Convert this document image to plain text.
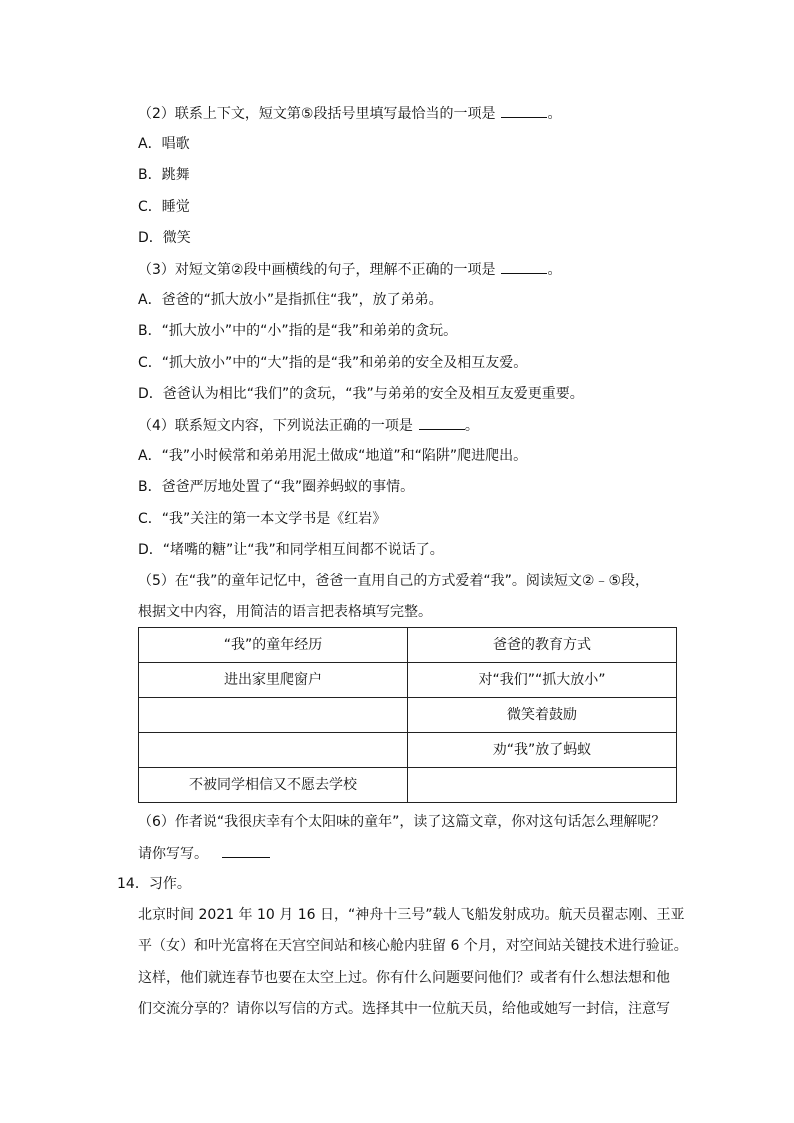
（2）联系上下文，短文第⑤段括号里填写最恰当的一项是	。
A．唱歌
B．跳舞
C．睡觉
D．微笑
（3）对短文第②段中画横线的句子，理解不正确的一项是	。
A．爸爸的“抓大放小”是指抓住“我”，放了弟弟。
B．“抓大放小”中的“小”指的是“我”和弟弟的贪玩。
C．“抓大放小”中的“大”指的是“我”和弟弟的安全及相互友爱。
D．爸爸认为相比“我们”的贪玩，“我”与弟弟的安全及相互友爱更重要。
（4）联系短文内容，下列说法正确的一项是	。
A．“我”小时候常和弟弟用泥土做成“地道”和“陷阱”爬进爬出。
B．爸爸严厉地处置了“我”圈养蚂蚁的事情。
C．“我”关注的第一本文学书是《红岩》
D．“堵嘴的糖”让“我”和同学相互间都不说话了。
（5）在“我”的童年记忆中，爸爸一直用自己的方式爱着“我”。阅读短文②﹣⑤段，
根据文中内容，用简洁的语言把表格填写完整。
“我”的童年经历	爸爸的教育方式
进出家里爬窗户	对“我们”“抓大放小”
	微笑着鼓励
	劝“我”放了蚂蚁
不被同学相信又不愿去学校	
（6）作者说“我很庆幸有个太阳味的童年”，读了这篇文章，你对这句话怎么理解呢？
请你写写。
14．习作。
北京时间 2021 年 10 月 16 日，“神舟十三号”载人飞船发射成功。航天员翟志刚、王亚
平（女）和叶光富将在天宫空间站和核心舱内驻留 6 个月，对空间站关键技术进行验证。
这样，他们就连春节也要在太空上过。你有什么问题要问他们？或者有什么想法想和他
们交流分享的？请你以写信的方式。选择其中一位航天员，给他或她写一封信，注意写
